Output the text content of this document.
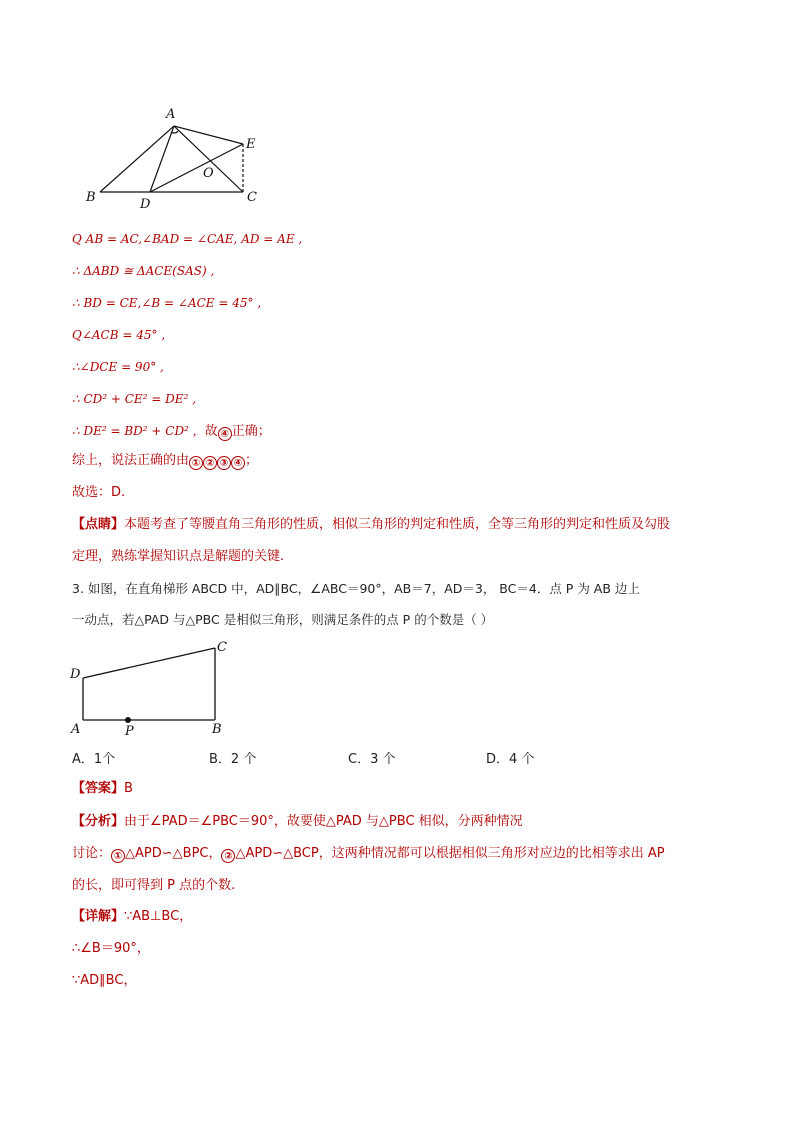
A
B	C
D
E
O
Q AB = AC,∠BAD = ∠CAE, AD = AE ,
∴ ΔABD ≅ ΔACE(SAS) ,
∴ BD = CE,∠B = ∠ACE = 45° ,
Q∠ACB = 45° ,
∴∠DCE = 90° ,
∴ CD² + CE² = DE² ,
∴ DE² = BD² + CD² ，故 ④ 正确；
综上，说法正确的由 ① ② ③ ④ ；
故选：D.
【点睛】本题考查了等腰直角三角形的性质，相似三角形的判定和性质，全等三角形的判定和性质及勾股
定理，熟练掌握知识点是解题的关键.
3. 如图，在直角梯形 ABCD 中，AD∥BC，∠ABC＝90°，AB＝7，AD＝3， BC＝4．点 P 为 AB 边上
一动点，若△PAD 与△PBC 是相似三角形，则满足条件的点 P 的个数是（ ）
A	B
C
D
P
A．1个	B．2 个	C．3 个	D．4 个
【答案】B
【分析】由于∠PAD＝∠PBC＝90°，故要使△PAD 与△PBC 相似，分两种情况
讨论： ① △APD∽△BPC， ② △APD∽△BCP，这两种情况都可以根据相似三角形对应边的比相等求出 AP
的长，即可得到 P 点的个数.
【详解】∵AB⊥BC，
∴∠B＝90°，
∵AD∥BC，
